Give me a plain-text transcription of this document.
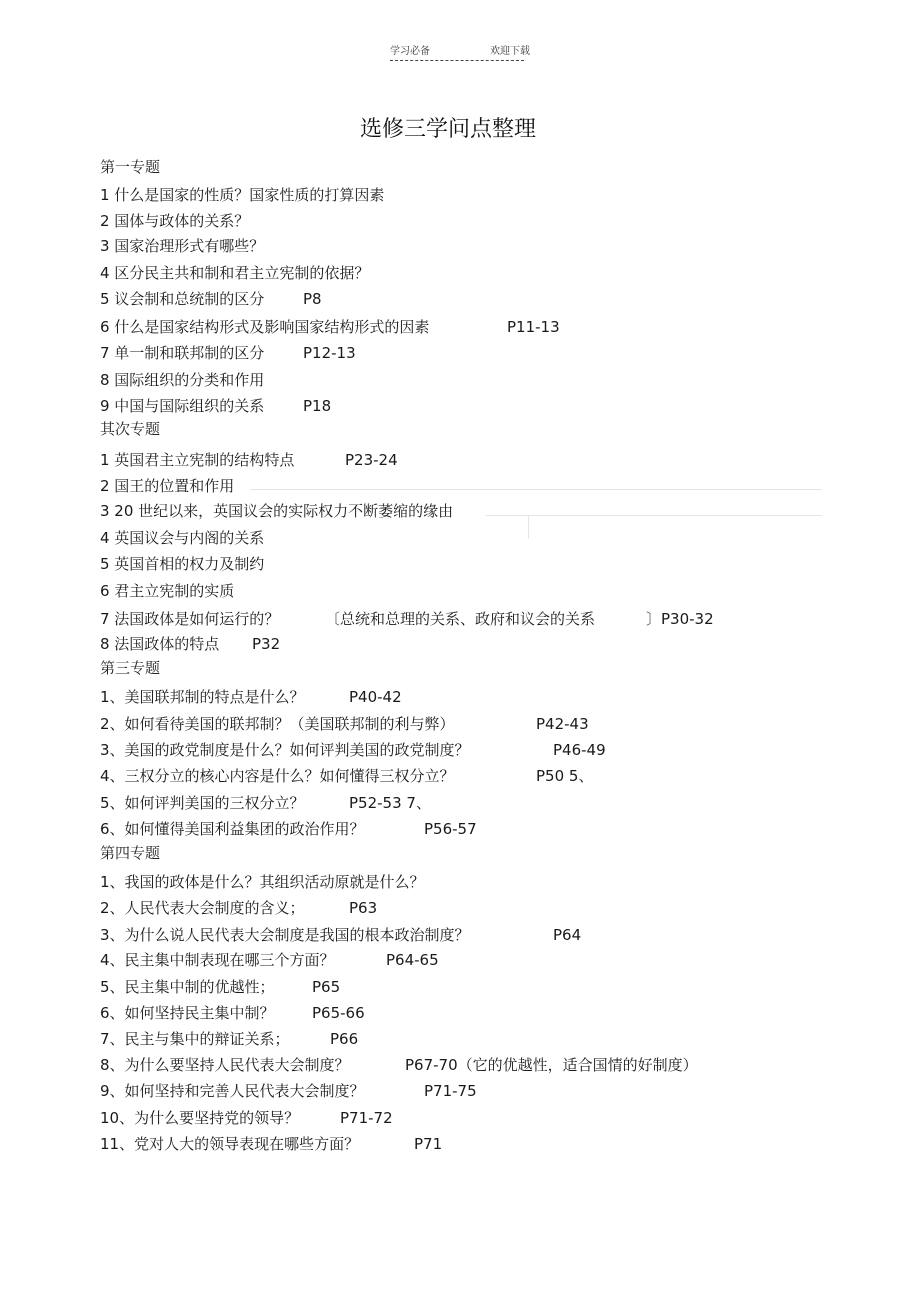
学习必备	欢迎下载
选修三学问点整理
第一专题
1 什么是国家的性质？国家性质的打算因素
2 国体与政体的关系？
3 国家治理形式有哪些？
4 区分民主共和制和君主立宪制的依据？
5 议会制和总统制的区分	P8
6 什么是国家结构形式及影响国家结构形式的因素	P11-13
7 单一制和联邦制的区分	P12-13
8 国际组织的分类和作用
9 中国与国际组织的关系	P18
其次专题
1 英国君主立宪制的结构特点	P23-24
2 国王的位置和作用
3 20 世纪以来，英国议会的实际权力不断萎缩的缘由
4 英国议会与内阁的关系
5 英国首相的权力及制约
6 君主立宪制的实质
7 法国政体是如何运行的？	〔总统和总理的关系、政府和议会的关系	〕P30-32
8 法国政体的特点 P32
第三专题
1、美国联邦制的特点是什么？	P40-42
2、如何看待美国的联邦制？（美国联邦制的利与弊）	P42-43
3、美国的政党制度是什么？如何评判美国的政党制度？	P46-49
4、三权分立的核心内容是什么？如何懂得三权分立？	P50 5、
5、如何评判美国的三权分立？	P52-53 7、
6、如何懂得美国利益集团的政治作用？	P56-57
第四专题
1、我国的政体是什么？其组织活动原就是什么？
2、人民代表大会制度的含义；	P63
3、为什么说人民代表大会制度是我国的根本政治制度？	P64
4、民主集中制表现在哪三个方面？	P64-65
5、民主集中制的优越性； P65
6、如何坚持民主集中制？ P65-66
7、民主与集中的辩证关系；	P66
8、为什么要坚持人民代表大会制度？	P67-70（它的优越性，适合国情的好制度）
9、如何坚持和完善人民代表大会制度？	P71-75
10、为什么要坚持党的领导？	P71-72
11、党对人大的领导表现在哪些方面？	P71
